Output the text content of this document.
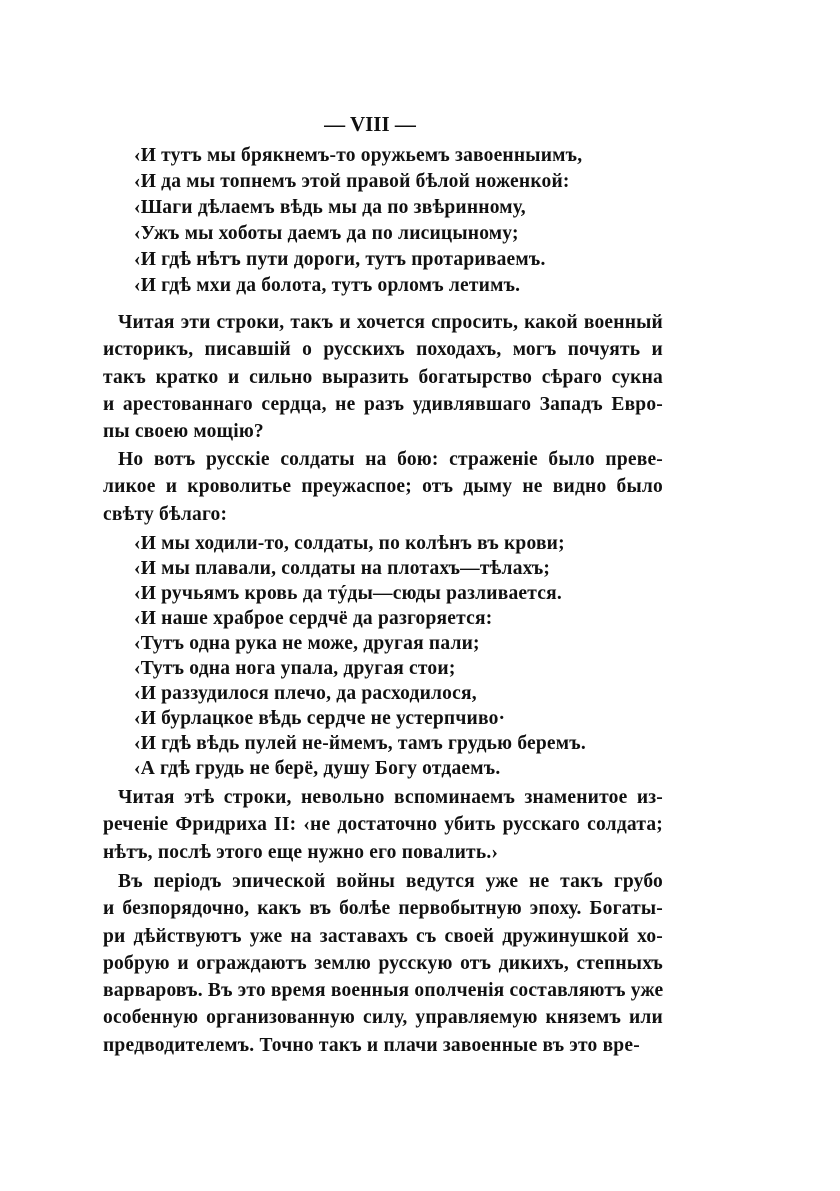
— VIII —
‹И тутъ мы брякнемъ-то оружьемъ завоенныимъ,
‹И да мы топнемъ этой правой бѣлой ноженкой:
‹Шаги дѣлаемъ вѣдь мы да по звѣринному,
‹Ужъ мы хоботы даемъ да по лисицыному;
‹И гдѣ нѣтъ пути дороги, тутъ протариваемъ.
‹И гдѣ мхи да болота, тутъ орломъ летимъ.
Читая эти строки, такъ и хочется спросить, какой военный
историкъ, писавшій о русскихъ походахъ, могъ почуять и
такъ кратко и сильно выразить богатырство сѣраго сукна
и арестованнаго сердца, не разъ удивлявшаго Западъ Евро-
пы своею мощію?
Но вотъ русскіе солдаты на бою: страженіе было преве-
ликое и кроволитье преужаспое; отъ дыму не видно было
свѣту бѣлаго:
‹И мы ходили-то, солдаты, по колѣнъ въ крови;
‹И мы плавали, солдаты на плотахъ—тѣлахъ;
‹И ручьямъ кровь да тýды—сюды разливается.
‹И наше храброе сердчё да разгоряется:
‹Тутъ одна рука не може, другая пали;
‹Тутъ одна нога упала, другая стои;
‹И раззудилося плечо, да расходилося,
‹И бурлацкое вѣдь сердче не устерпчиво·
‹И гдѣ вѣдь пулей не-ймемъ, тамъ грудью беремъ.
‹А гдѣ грудь не берё, душу Богу отдаемъ.
Читая этѣ строки, невольно вспоминаемъ знаменитое из-
реченіе Фридриха II: ‹не достаточно убить русскаго солдата;
нѣтъ, послѣ этого еще нужно его повалить.›
Въ періодъ эпической войны ведутся уже не такъ грубо
и безпорядочно, какъ въ болѣе первобытную эпоху. Богаты-
ри дѣйствуютъ уже на заставахъ съ своей дружинушкой хо-
робрую и ограждаютъ землю русскую отъ дикихъ, степныхъ
варваровъ. Въ это время военныя ополченія составляютъ уже
особенную организованную силу, управляемую княземъ или
предводителемъ. Точно такъ и плачи завоенные въ это вре-
